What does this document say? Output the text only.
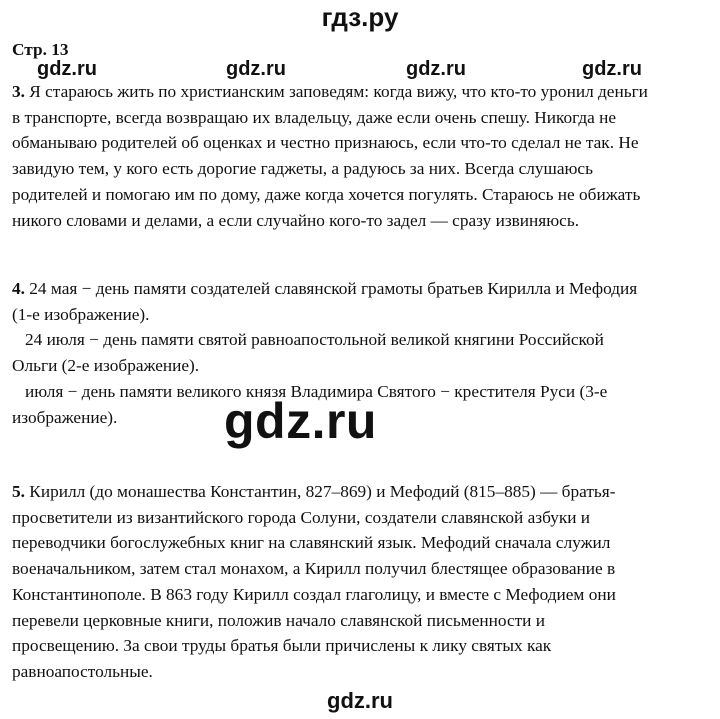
гдз.ру
Стр. 13
gdz.ru	gdz.ru	gdz.ru	gdz.ru
3. Я стараюсь жить по христианским заповедям: когда вижу, что кто-то уронил деньги
в транспорте, всегда возвращаю их владельцу, даже если очень спешу. Никогда не
обманываю родителей об оценках и честно признаюсь, если что-то сделал не так. Не
завидую тем, у кого есть дорогие гаджеты, а радуюсь за них. Всегда слушаюсь
родителей и помогаю им по дому, даже когда хочется погулять. Стараюсь не обижать
никого словами и делами, а если случайно кого-то задел — сразу извиняюсь.
4. 24 мая − день памяти создателей славянской грамоты братьев Кирилла и Мефодия
(1-е изображение).
24 июля − день памяти святой равноапостольной великой княгини Российской
Ольги (2-е изображение).
июля − день памяти великого князя Владимира Святого − крестителя Руси (3-е
изображение).	gdz.ru
5. Кирилл (до монашества Константин, 827–869) и Мефодий (815–885) — братья-
просветители из византийского города Солуни, создатели славянской азбуки и
переводчики богослужебных книг на славянский язык. Мефодий сначала служил
военачальником, затем стал монахом, а Кирилл получил блестящее образование в
Константинополе. В 863 году Кирилл создал глаголицу, и вместе с Мефодием они
перевели церковные книги, положив начало славянской письменности и
просвещению. За свои труды братья были причислены к лику святых как
равноапостольные.
gdz.ru
